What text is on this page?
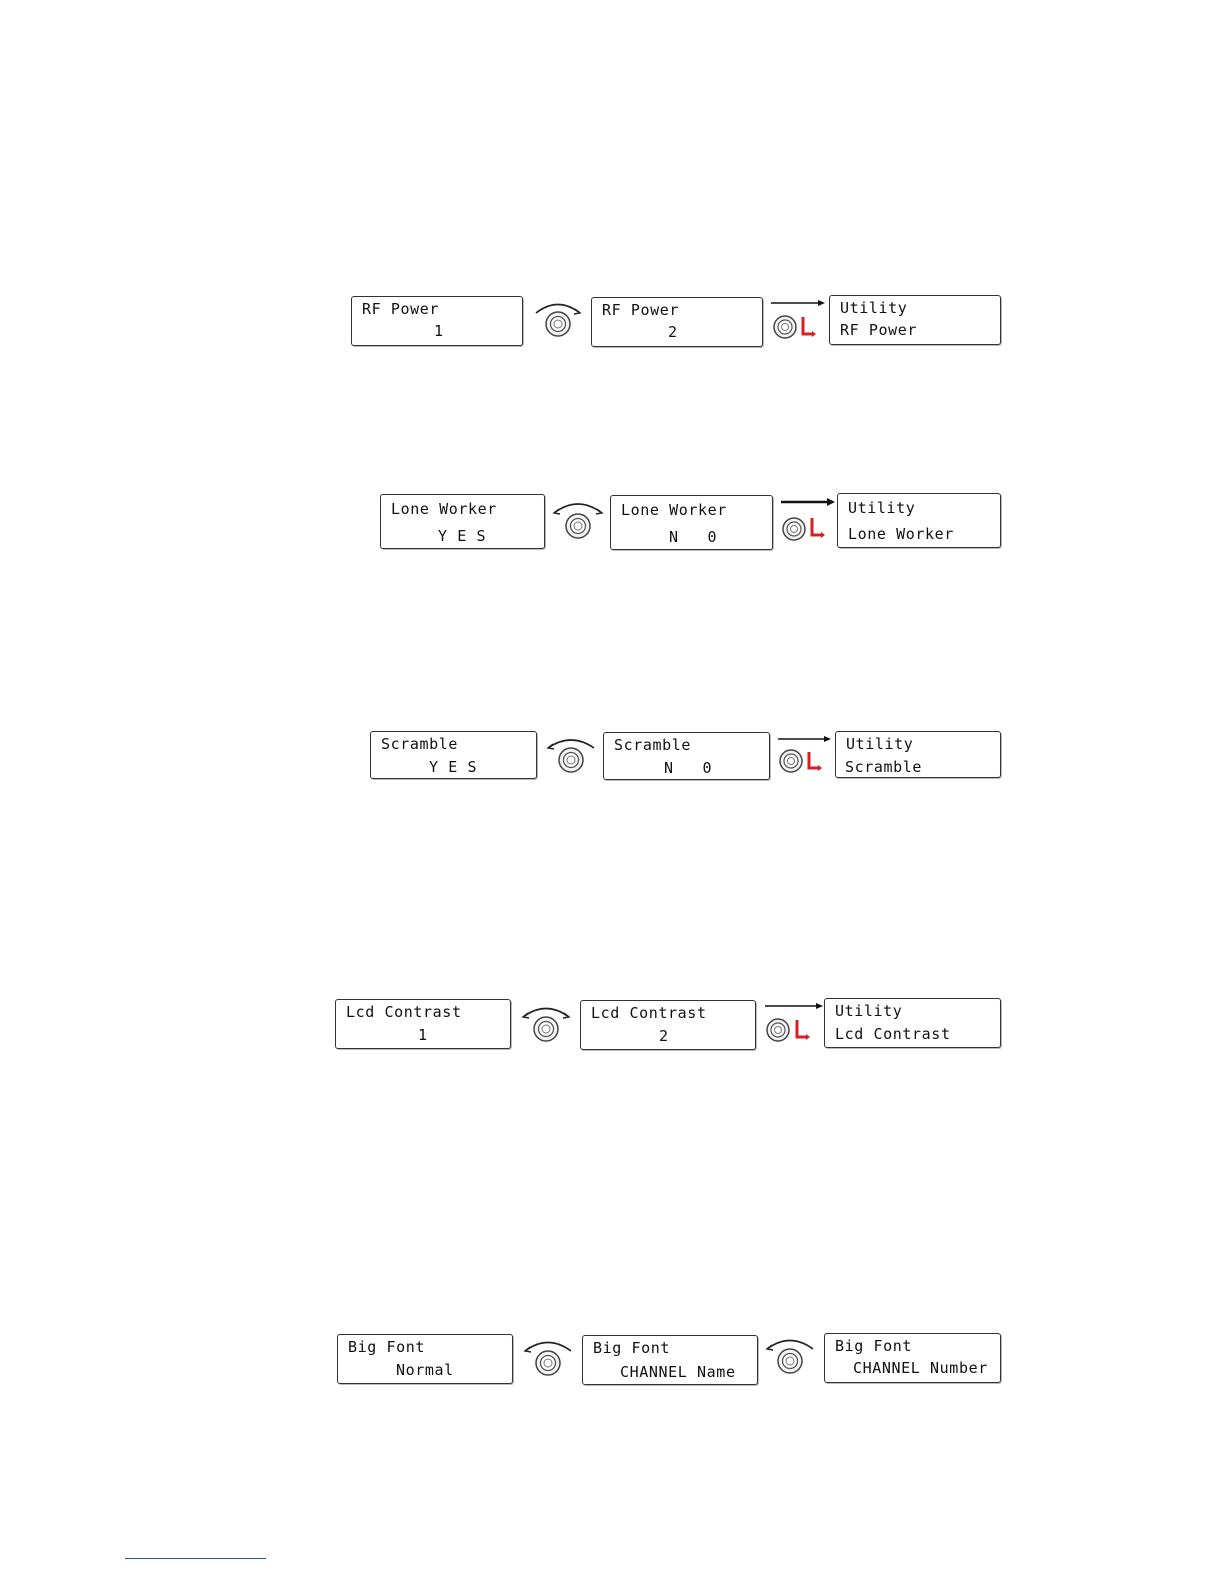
RF Power
1
RF Power
2
Utility
RF Power
Lone Worker
Y E S
Lone Worker
N   0
Utility
Lone Worker
Scramble
Y E S
Scramble
N   0
Utility
Scramble
Lcd Contrast
1
Lcd Contrast
2
Utility
Lcd Contrast
Big Font
Normal
Big Font
CHANNEL Name
Big Font
CHANNEL Number
